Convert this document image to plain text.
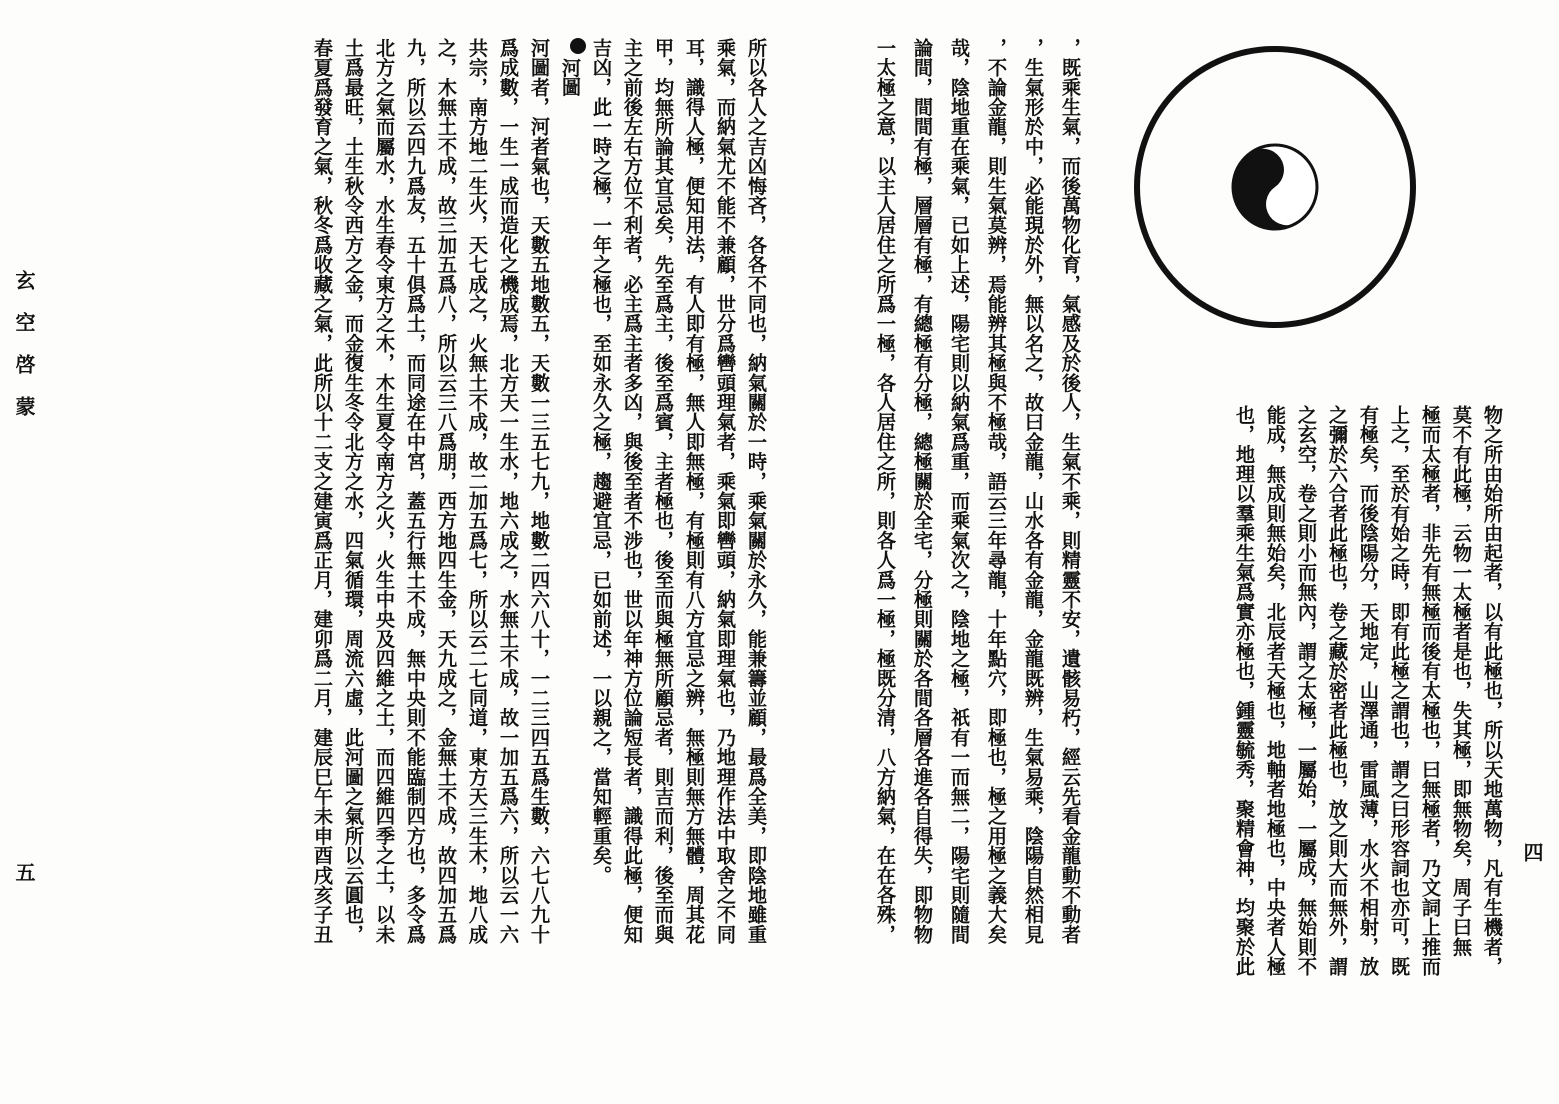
所以各人之吉凶悔吝，各各不同也，納氣關於一時，乘氣關於永久，能兼籌並顧，最爲全美，即陰地雖重
乘氣，而納氣尤不能不兼顧，世分爲轡頭理氣者，乘氣即轡頭，納氣即理氣也，乃地理作法中取舍之不同
耳，識得人極，便知用法，有人即有極，無人即無極，有極則有八方宜忌之辨，無極則無方無體，周其花
甲，均無所論其宜忌矣，先至爲主，後至爲賓，主者極也，後至而與極無所顧忌者，則吉而利，後至而與
主之前後左右方位不利者，必主爲主者多凶，與後至者不涉也，世以年神方位論短長者，識得此極，便知
吉凶，此一時之極，一年之極也，至如永久之極，趨避宜忌，已如前述，一以親之，當知輕重矣。
河圖
河圖者，河者氣也，天數五地數五，天數一三五七九，地數二四六八十，一二三四五爲生數，六七八九十
爲成數，一生一成而造化之機成焉，北方天一生水，地六成之，水無土不成，故一加五爲六，所以云一六
共宗，南方地二生火，天七成之，火無土不成，故二加五爲七，所以云二七同道，東方天三生木，地八成
之，木無土不成，故三加五爲八，所以云三八爲朋，西方地四生金，天九成之，金無土不成，故四加五爲
九，所以云四九爲友，五十俱爲土，而同途在中宮，蓋五行無土不成，無中央則不能臨制四方也，多令爲
北方之氣而屬水，水生春令東方之木，木生夏令南方之火，火生中央及四維之土，而四維四季之土，以未
土爲最旺，土生秋令西方之金，而金復生冬令北方之水，四氣循環，周流六虛，此河圖之氣所以云圓也，
春夏爲發育之氣，秋冬爲收藏之氣，此所以十二支之建寅爲正月，建卯爲二月，建辰巳午未申酉戌亥子丑
玄空啓蒙
五
四
物之所由始所由起者，以有此極也，所以天地萬物，凡有生機者，
莫不有此極，云物一太極者是也，失其極，即無物矣，周子曰無
極而太極者，非先有無極而後有太極也，曰無極者，乃文詞上推而
上之，至於有始之時，即有此極之謂也，謂之曰形容詞也亦可，既
有極矣，而後陰陽分，天地定，山澤通，雷風薄，水火不相射，放
之彌於六合者此極也，卷之藏於密者此極也，放之則大而無外，謂
之玄空，卷之則小而無內，謂之太極，一屬始，一屬成，無始則不
能成，無成則無始矣，北辰者天極也，地軸者地極也，中央者人極
也，地理以羣乘生氣爲實亦極也，鍾靈毓秀，聚精會神，均聚於此
，既乘生氣，而後萬物化育，氣感及於後人，生氣不乘，則精靈不安，遺骸易朽，經云先看金龍動不動者
，生氣形於中，必能現於外，無以名之，故曰金龍，山水各有金龍，金龍既辨，生氣易乘，陰陽自然相見
，不論金龍，則生氣莫辨，焉能辨其極與不極哉，語云三年尋龍，十年點穴，即極也，極之用極之義大矣
哉，陰地重在乘氣，已如上述，陽宅則以納氣爲重，而乘氣次之，陰地之極，祇有一而無二，陽宅則隨間
論間，間間有極，層層有極，有總極有分極，總極關於全宅，分極則關於各間各層各進各自得失，即物物
一太極之意，以主人居住之所爲一極，各人居住之所，則各人爲一極，極既分清，八方納氣，在在各殊，
